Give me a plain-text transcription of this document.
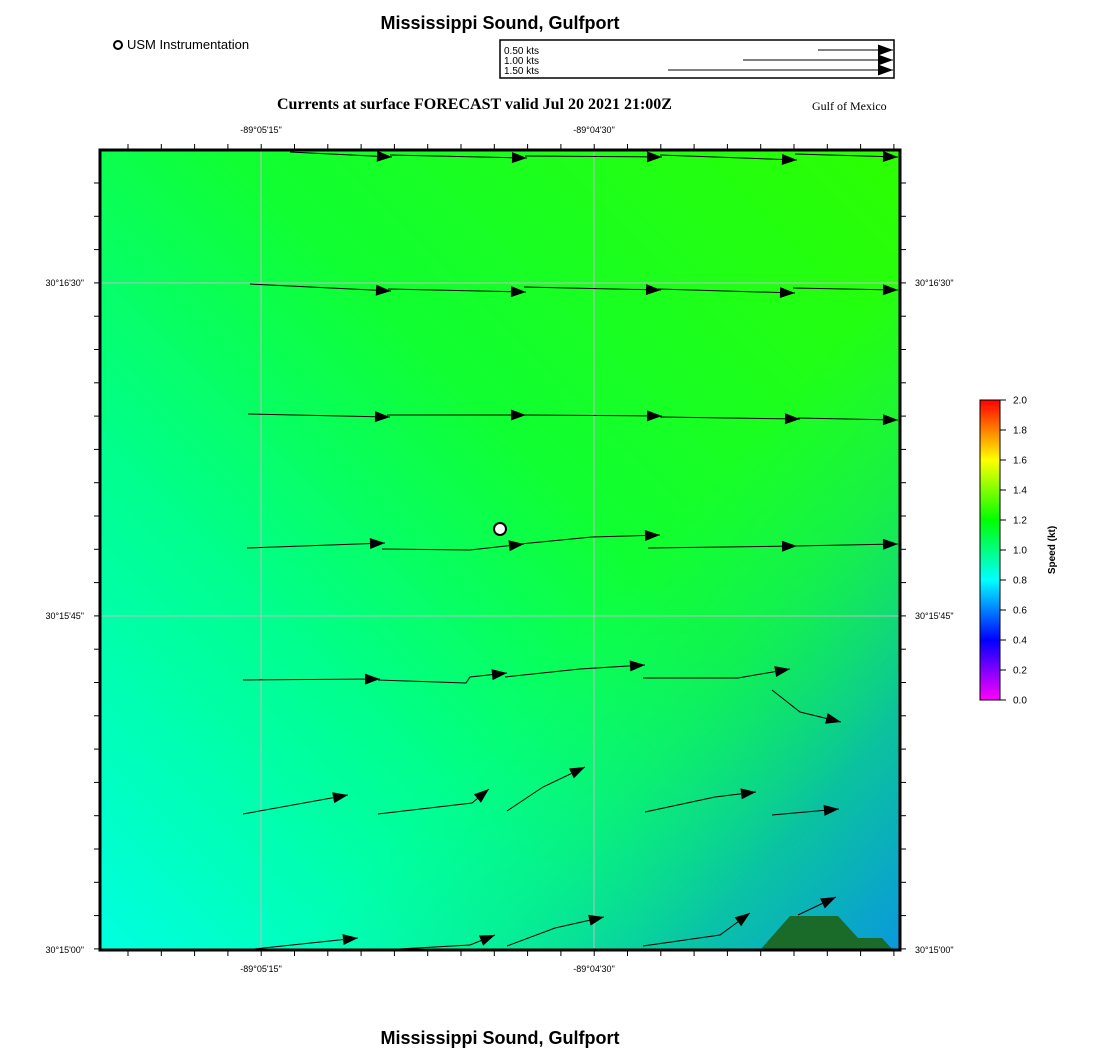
Mississippi Sound, Gulfport
USM Instrumentation
Currents at surface FORECAST valid Jul 20 2021 21:00Z	Gulf of Mexico
0.50 kts
1.00 kts
1.50 kts
-89°05'15"	-89°04'30"
-89°05'15"	-89°04'30"
30°16'30"
30°15'45"
30°15'00"
30°16'30"
30°15'45"
30°15'00"
2.0
1.8
1.6
1.4
1.2
1.0
0.8
0.6
0.4
0.2
0.0
Speed (kt)
Mississippi Sound, Gulfport
